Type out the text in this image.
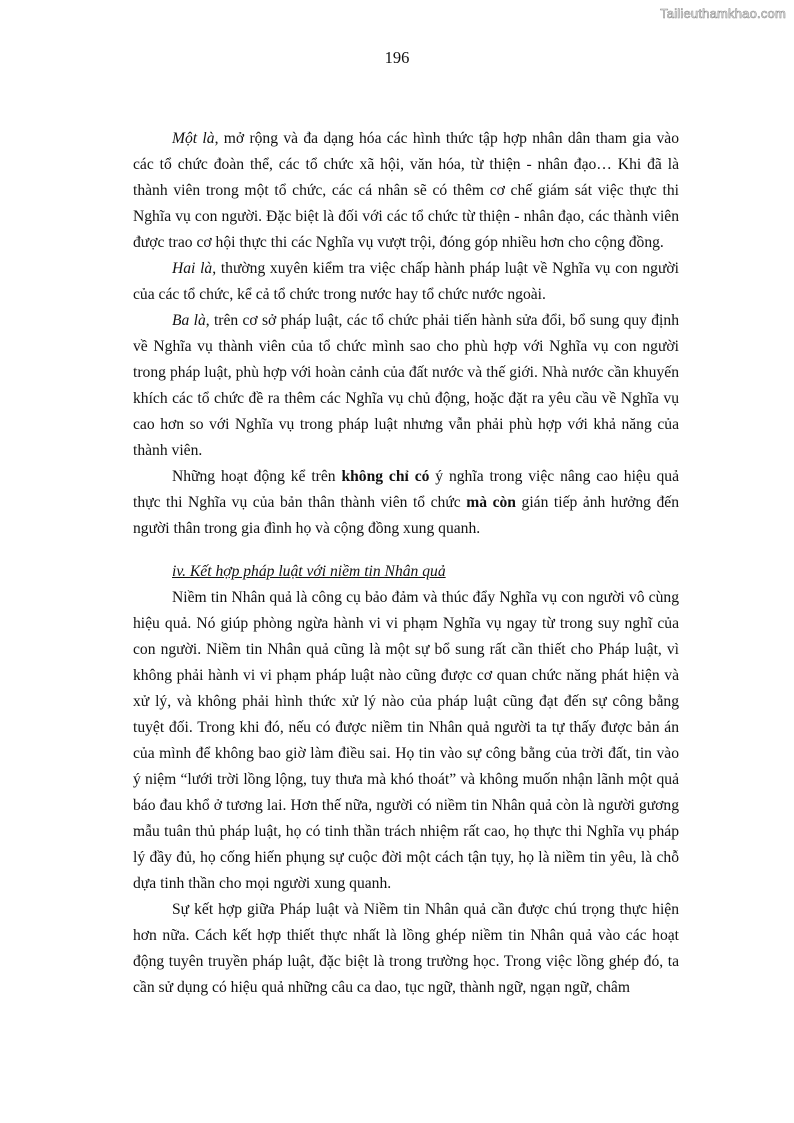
Tailieuthamkhao.com
196

Một là, mở rộng và đa dạng hóa các hình thức tập hợp nhân dân tham gia vào các tổ chức đoàn thể, các tổ chức xã hội, văn hóa, từ thiện - nhân đạo… Khi đã là thành viên trong một tổ chức, các cá nhân sẽ có thêm cơ chế giám sát việc thực thi Nghĩa vụ con người. Đặc biệt là đối với các tổ chức từ thiện - nhân đạo, các thành viên được trao cơ hội thực thi các Nghĩa vụ vượt trội, đóng góp nhiều hơn cho cộng đồng.

Hai là, thường xuyên kiểm tra việc chấp hành pháp luật về Nghĩa vụ con người của các tổ chức, kể cả tổ chức trong nước hay tổ chức nước ngoài.

Ba là, trên cơ sở pháp luật, các tổ chức phải tiến hành sửa đổi, bổ sung quy định về Nghĩa vụ thành viên của tổ chức mình sao cho phù hợp với Nghĩa vụ con người trong pháp luật, phù hợp với hoàn cảnh của đất nước và thế giới. Nhà nước cần khuyến khích các tổ chức đề ra thêm các Nghĩa vụ chủ động, hoặc đặt ra yêu cầu về Nghĩa vụ cao hơn so với Nghĩa vụ trong pháp luật nhưng vẫn phải phù hợp với khả năng của thành viên.

Những hoạt động kể trên không chỉ có ý nghĩa trong việc nâng cao hiệu quả thực thi Nghĩa vụ của bản thân thành viên tổ chức mà còn gián tiếp ảnh hưởng đến người thân trong gia đình họ và cộng đồng xung quanh.

iv. Kết hợp pháp luật với niềm tin Nhân quả

Niềm tin Nhân quả là công cụ bảo đảm và thúc đẩy Nghĩa vụ con người vô cùng hiệu quả. Nó giúp phòng ngừa hành vi vi phạm Nghĩa vụ ngay từ trong suy nghĩ của con người. Niềm tin Nhân quả cũng là một sự bổ sung rất cần thiết cho Pháp luật, vì không phải hành vi vi phạm pháp luật nào cũng được cơ quan chức năng phát hiện và xử lý, và không phải hình thức xử lý nào của pháp luật cũng đạt đến sự công bằng tuyệt đối. Trong khi đó, nếu có được niềm tin Nhân quả người ta tự thấy được bản án của mình để không bao giờ làm điều sai. Họ tin vào sự công bằng của trời đất, tin vào ý niệm “lưới trời lồng lộng, tuy thưa mà khó thoát” và không muốn nhận lãnh một quả báo đau khổ ở tương lai. Hơn thế nữa, người có niềm tin Nhân quả còn là người gương mẫu tuân thủ pháp luật, họ có tinh thần trách nhiệm rất cao, họ thực thi Nghĩa vụ pháp lý đầy đủ, họ cống hiến phụng sự cuộc đời một cách tận tụy, họ là niềm tin yêu, là chỗ dựa tinh thần cho mọi người xung quanh.

Sự kết hợp giữa Pháp luật và Niềm tin Nhân quả cần được chú trọng thực hiện hơn nữa. Cách kết hợp thiết thực nhất là lồng ghép niềm tin Nhân quả vào các hoạt động tuyên truyền pháp luật, đặc biệt là trong trường học. Trong việc lồng ghép đó, ta cần sử dụng có hiệu quả những câu ca dao, tục ngữ, thành ngữ, ngạn ngữ, châm
